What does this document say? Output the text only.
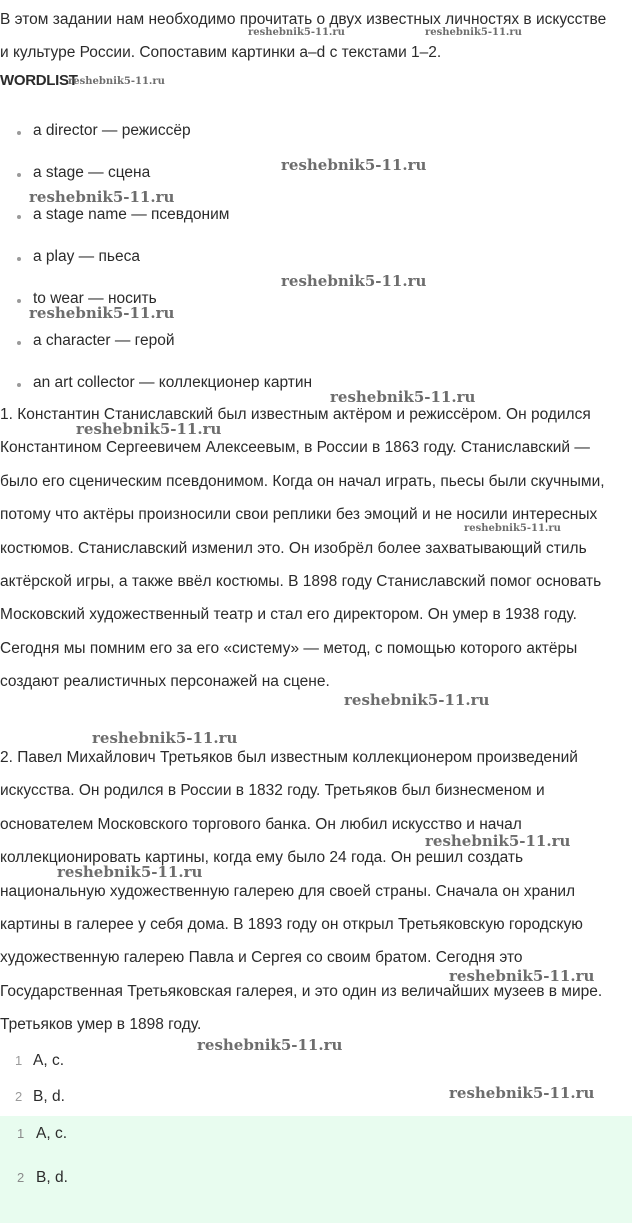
В этом задании нам необходимо прочитать о двух известных личностях в искусстве и культуре России. Сопоставим картинки a–d с текстами 1–2.

WORDLIST
a director — режиссёр
a stage — сцена
a stage name — псевдоним
a play — пьеса
to wear — носить
a character — герой
an art collector — коллекционер картин

1. Константин Станиславский был известным актёром и режиссёром. Он родился Константином Сергеевичем Алексеевым, в России в 1863 году. Станиславский — было его сценическим псевдонимом. Когда он начал играть, пьесы были скучными, потому что актёры произносили свои реплики без эмоций и не носили интересных костюмов. Станиславский изменил это. Он изобрёл более захватывающий стиль актёрской игры, а также ввёл костюмы. В 1898 году Станиславский помог основать Московский художественный театр и стал его директором. Он умер в 1938 году. Сегодня мы помним его за его «систему» — метод, с помощью которого актёры создают реалистичных персонажей на сцене.

2. Павел Михайлович Третьяков был известным коллекционером произведений искусства. Он родился в России в 1832 году. Третьяков был бизнесменом и основателем Московского торгового банка. Он любил искусство и начал коллекционировать картины, когда ему было 24 года. Он решил создать национальную художественную галерею для своей страны. Сначала он хранил картины в галерее у себя дома. В 1893 году он открыл Третьяковскую городскую художественную галерею Павла и Сергея со своим братом. Сегодня это Государственная Третьяковская галерея, и это один из величайших музеев в мире. Третьяков умер в 1898 году.

1 A, c.
2 B, d.
1 A, c.
2 B, d.
reshebnik5-11.ru	reshebnik5-11.ru
reshebnik5-11.ru
reshebnik5-11.ru
reshebnik5-11.ru
reshebnik5-11.ru
reshebnik5-11.ru
reshebnik5-11.ru
reshebnik5-11.ru
reshebnik5-11.ru
reshebnik5-11.ru
reshebnik5-11.ru
reshebnik5-11.ru
reshebnik5-11.ru
reshebnik5-11.ru
reshebnik5-11.ru
reshebnik5-11.ru
